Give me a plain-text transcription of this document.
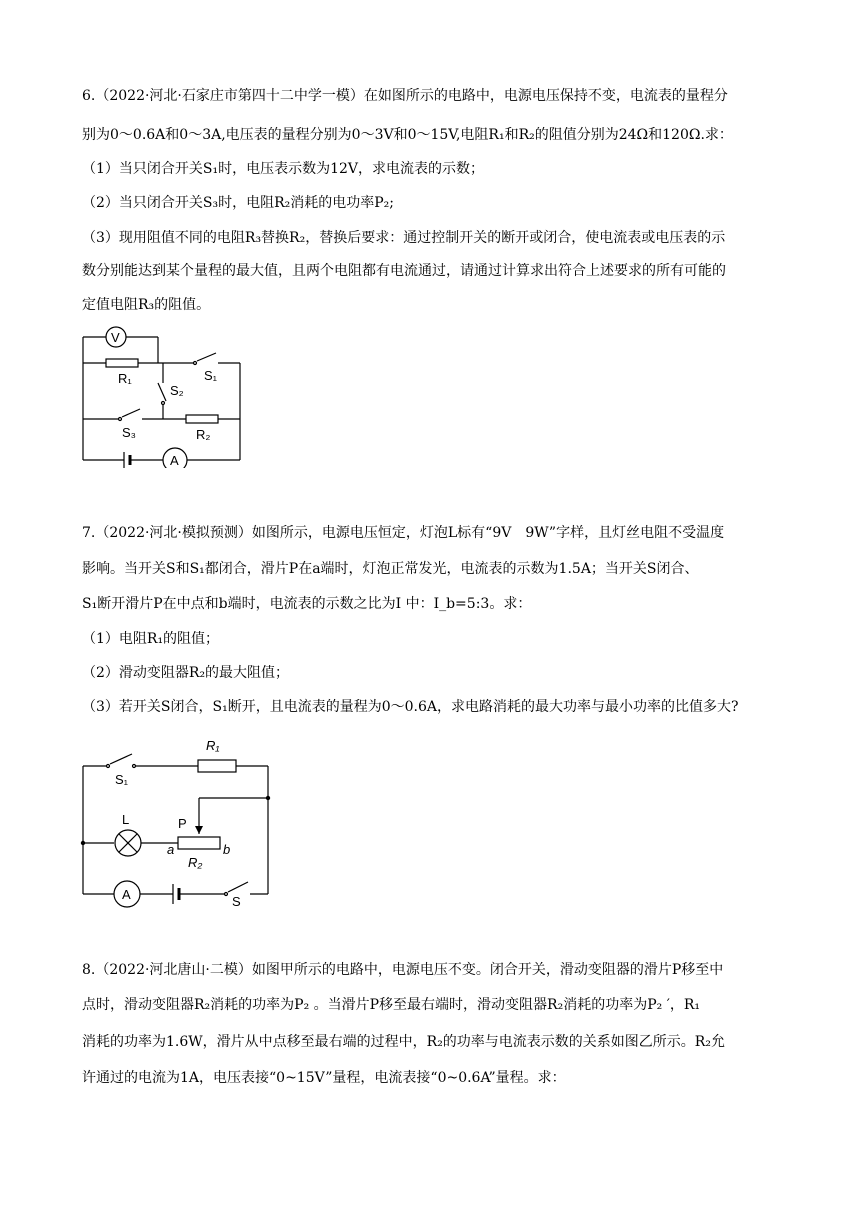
6.（2022·河北·石家庄市第四十二中学一模）在如图所示的电路中，电源电压保持不变，电流表的量程分
别为0～0.6A和0～3A,电压表的量程分别为0～3V和0～15V,电阻R₁和R₂的阻值分别为24Ω和120Ω.求：
（1）当只闭合开关S₁时，电压表示数为12V，求电流表的示数；
（2）当只闭合开关S₃时，电阻R₂消耗的电功率P₂;
（3）现用阻值不同的电阻R₃替换R₂，替换后要求：通过控制开关的断开或闭合，使电流表或电压表的示
数分别能达到某个量程的最大值，且两个电阻都有电流通过，请通过计算求出符合上述要求的所有可能的
定值电阻R₃的阻值。
V
R₁	S₁
S₂
S₃	R₂
A
7.（2022·河北·模拟预测）如图所示，电源电压恒定，灯泡L标有“9V　9W”字样，且灯丝电阻不受温度
影响。当开关S和S₁都闭合，滑片P在a端时，灯泡正常发光，电流表的示数为1.5A；当开关S闭合、
S₁断开滑片P在中点和b端时，电流表的示数之比为I 中：I_b=5:3。求：
（1）电阻R₁的阻值；
（2）滑动变阻器R₂的最大阻值；
（3）若开关S闭合，S₁断开，且电流表的量程为0～0.6A，求电路消耗的最大功率与最小功率的比值多大?
S₁
R₁
L	P
a	b
R₂
A	S
8.（2022·河北唐山·二模）如图甲所示的电路中，电源电压不变。闭合开关，滑动变阻器的滑片P移至中
点时，滑动变阻器R₂消耗的功率为P₂ 。当滑片P移至最右端时，滑动变阻器R₂消耗的功率为P₂ ′，R₁
消耗的功率为1.6W，滑片从中点移至最右端的过程中，R₂的功率与电流表示数的关系如图乙所示。R₂允
许通过的电流为1A，电压表接“0~15V”量程，电流表接“0~0.6A”量程。求：
